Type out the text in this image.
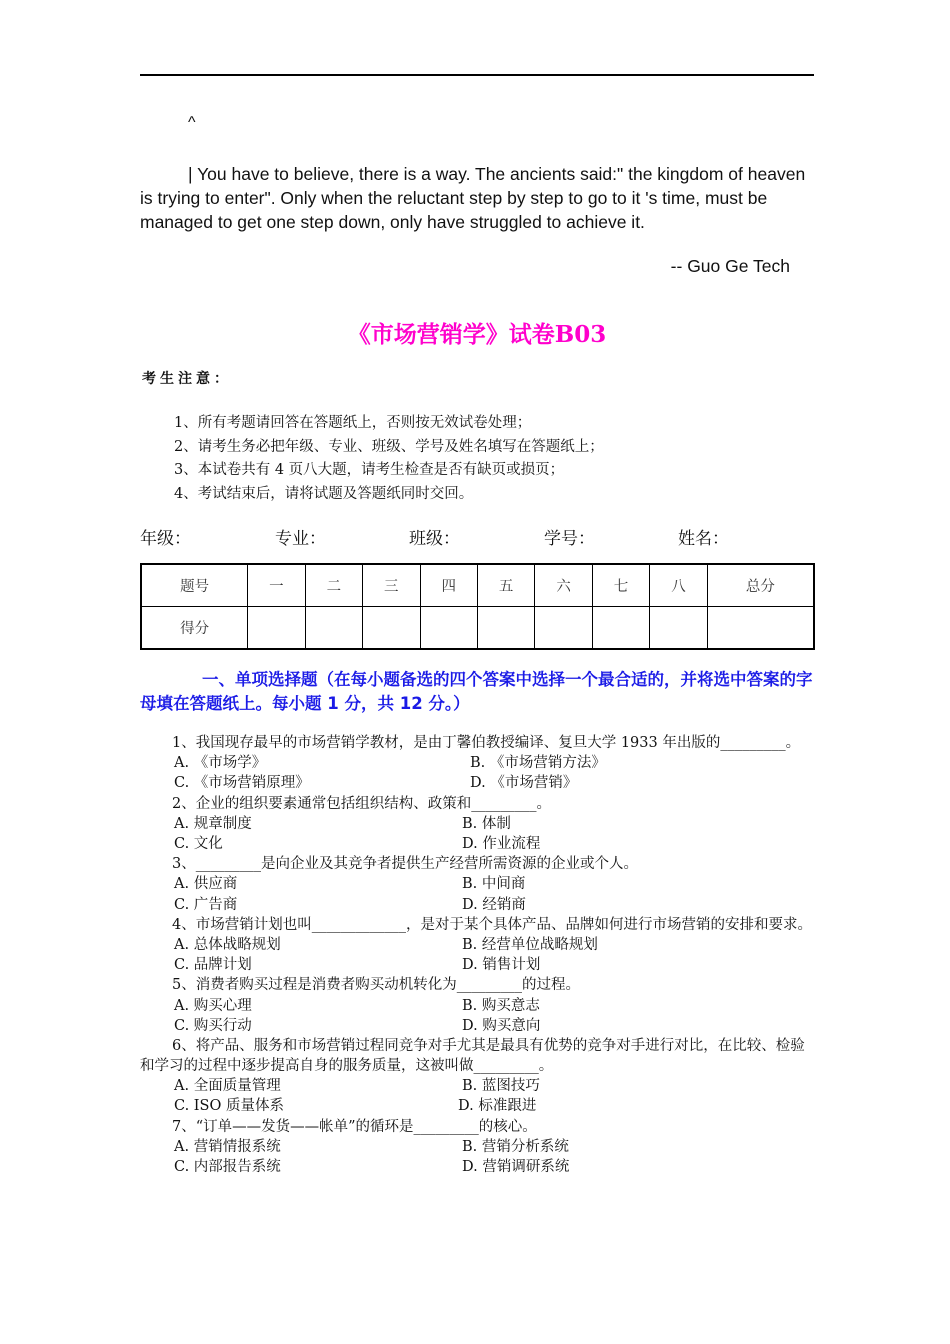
^

| You have to believe, there is a way. The ancients said:" the kingdom of heaven is trying to enter". Only when the reluctant step by step to go to it 's time, must be managed to get one step down, only have struggled to achieve it.

-- Guo Ge Tech
《市场营销学》试卷B03
考生注意：
1、所有考题请回答在答题纸上，否则按无效试卷处理；
2、请考生务必把年级、专业、班级、学号及姓名填写在答题纸上；
3、本试卷共有 4 页八大题，请考生检查是否有缺页或损页；
4、考试结束后，请将试题及答题纸同时交回。
年级：	专业：	班级：	学号：	姓名：
题号	一	二	三	四	五	六	七	八	总分
得分									

一、单项选择题（在每小题备选的四个答案中选择一个最合适的，并将选中答案的字母填在答题纸上。每小题 1 分，共 12 分。）

1、我国现存最早的市场营销学教材，是由丁馨伯教授编译、复旦大学 1933 年出版的_________。

A. 《市场学》	B. 《市场营销方法》
C. 《市场营销原理》	D. 《市场营销》

2、企业的组织要素通常包括组织结构、政策和_________。

A. 规章制度	B. 体制
C. 文化	D. 作业流程

3、_________是向企业及其竞争者提供生产经营所需资源的企业或个人。

A. 供应商	B. 中间商
C. 广告商	D. 经销商

4、市场营销计划也叫_____________，是对于某个具体产品、品牌如何进行市场营销的安排和要求。

A. 总体战略规划	B. 经营单位战略规划
C. 品牌计划	D. 销售计划

5、消费者购买过程是消费者购买动机转化为_________的过程。

A. 购买心理	B. 购买意志
C. 购买行动	D. 购买意向

6、将产品、服务和市场营销过程同竞争对手尤其是最具有优势的竞争对手进行对比，在比较、检验和学习的过程中逐步提高自身的服务质量，这被叫做_________。

A. 全面质量管理	B. 蓝图技巧
C. ISO 质量体系	D. 标准跟进

7、“订单——发货——帐单”的循环是_________的核心。

A. 营销情报系统	B. 营销分析系统
C. 内部报告系统	D. 营销调研系统
